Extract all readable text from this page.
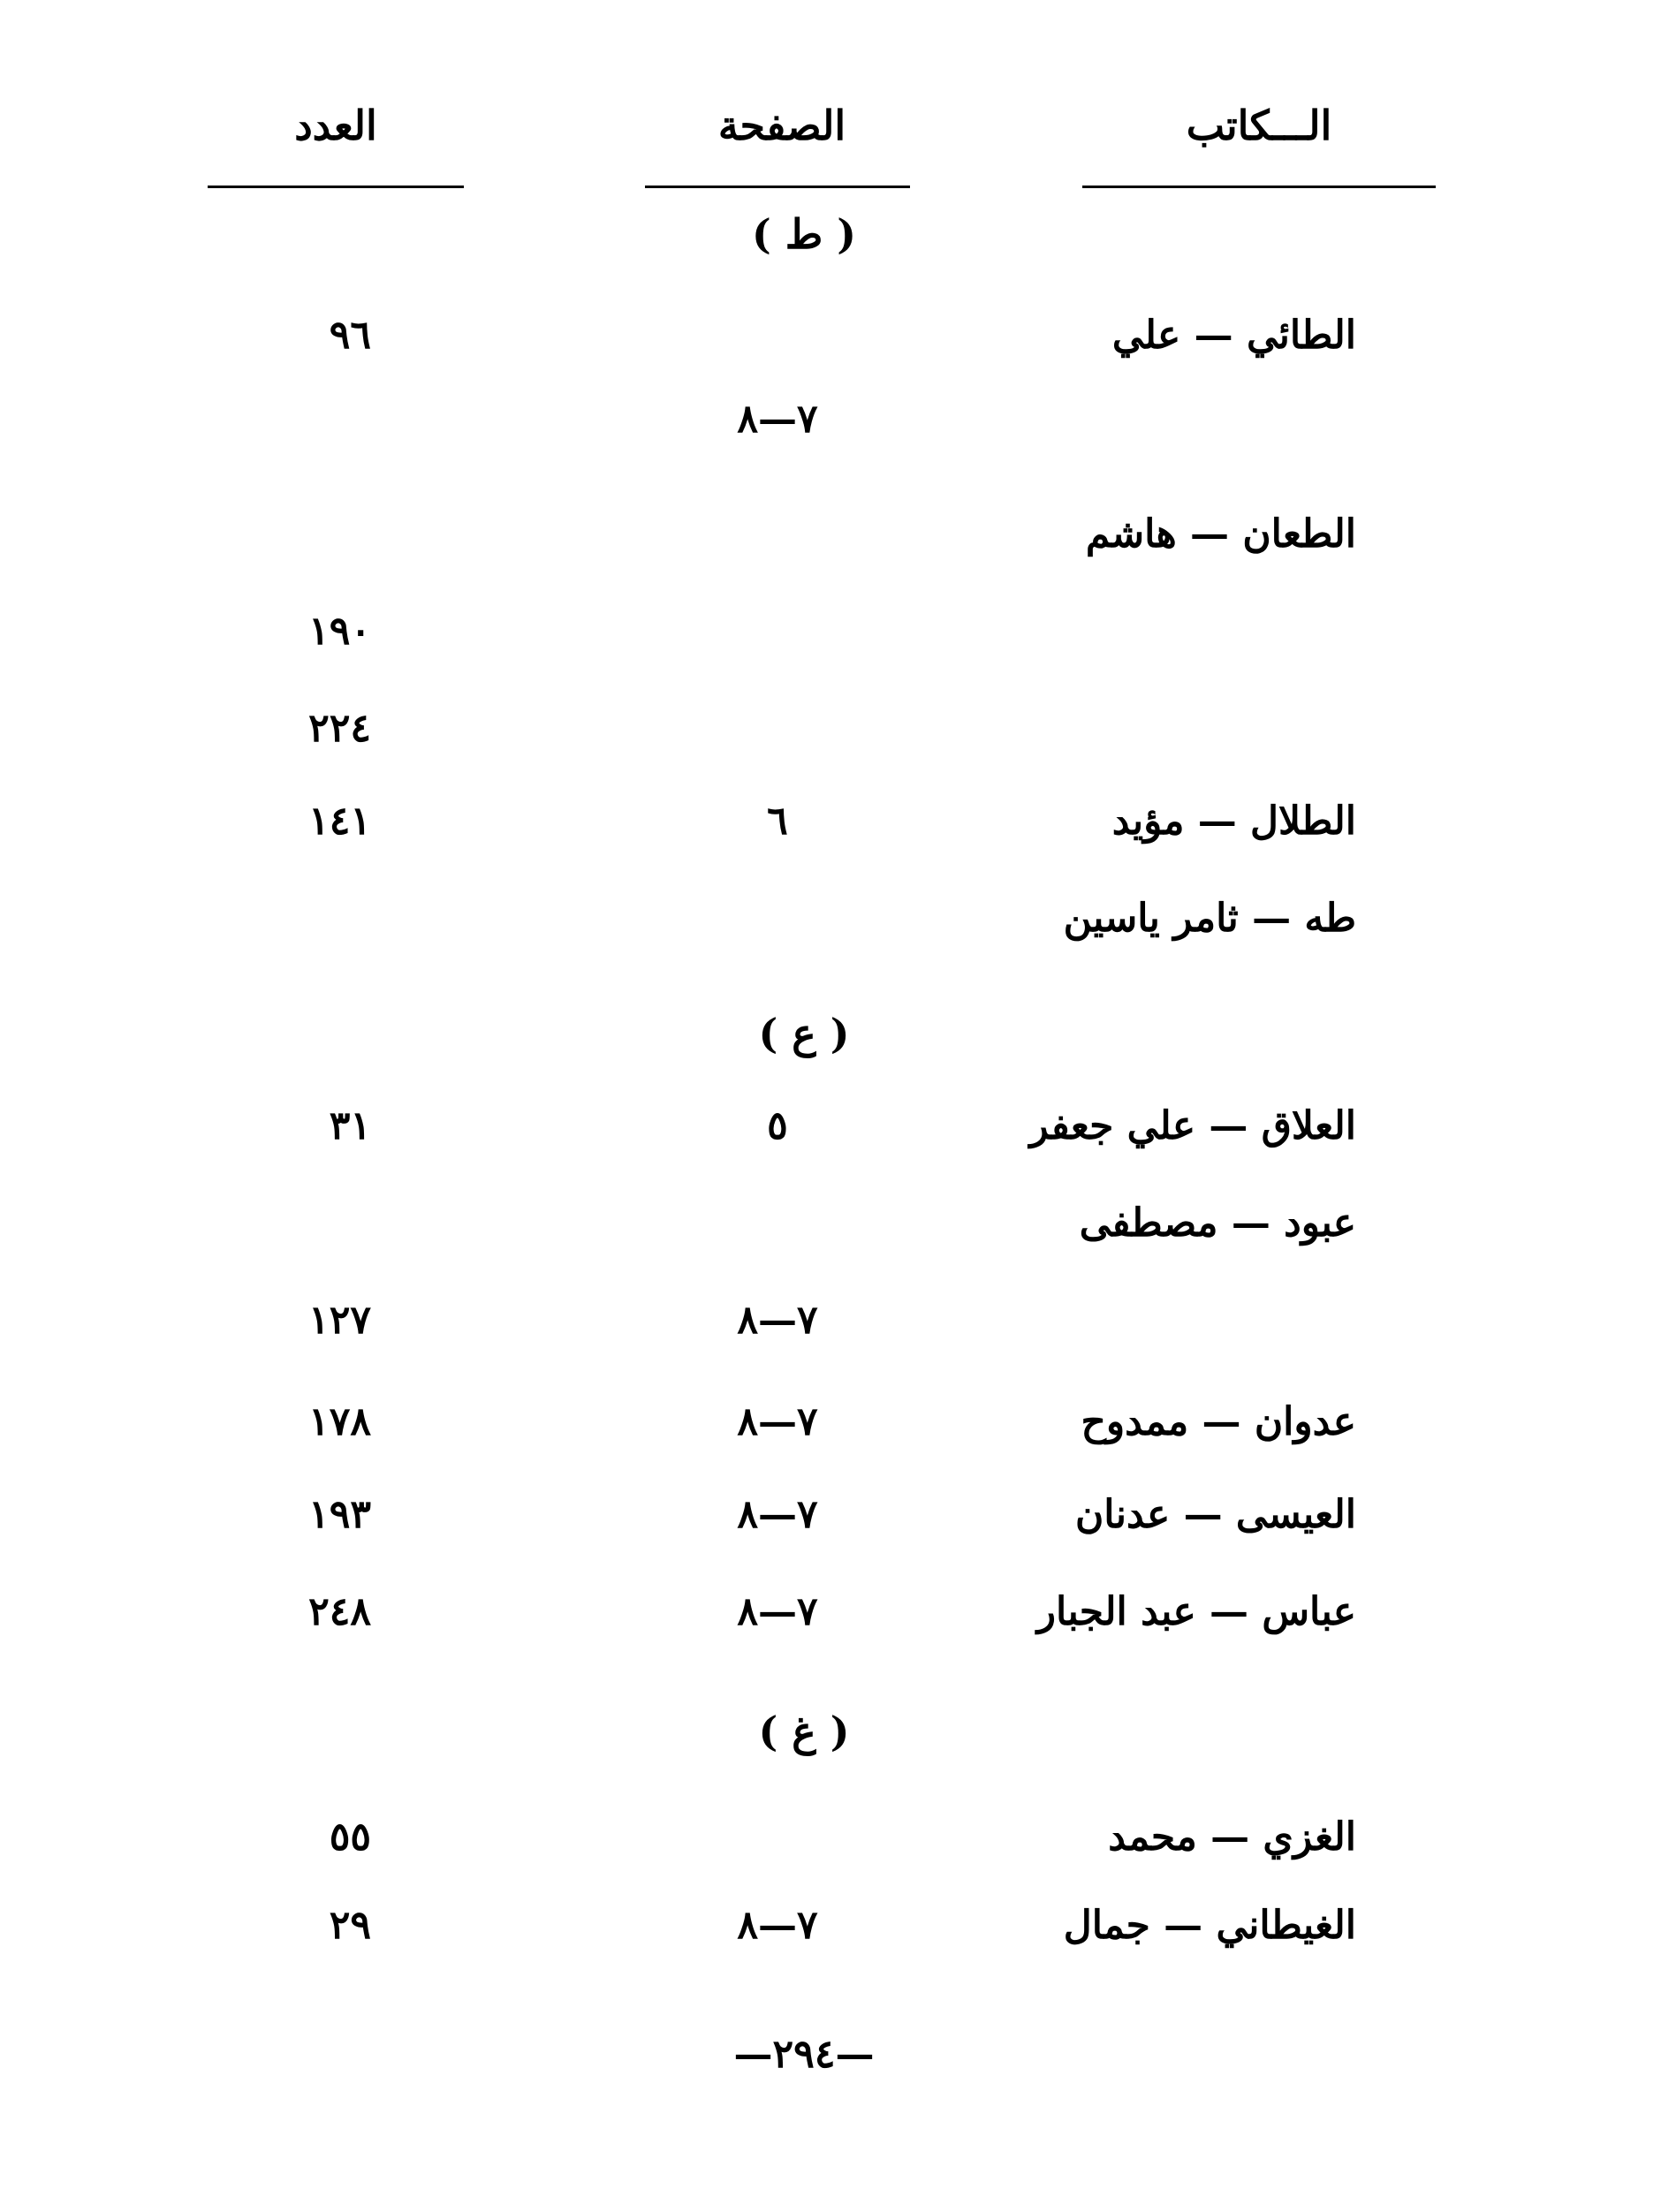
الـــكاتب
الصفحة
العدد
( ط )
الطائي — علي
٩٦
٧—٨
الطعان — هاشم
١٩٠
٢٢٤
الطلال — مؤيد
٦
١٤١
طه — ثامر ياسين
( ع )
العلاق — علي جعفر
٥
٣١
عبود — مصطفى
٧—٨
١٢٧
عدوان — ممدوح
٧—٨
١٧٨
العيسى — عدنان
٧—٨
١٩٣
عباس — عبد الجبار
٧—٨
٢٤٨
( غ )
الغزي — محمد
٥٥
الغيطاني — جمال
٧—٨
٢٩
—٢٩٤—
